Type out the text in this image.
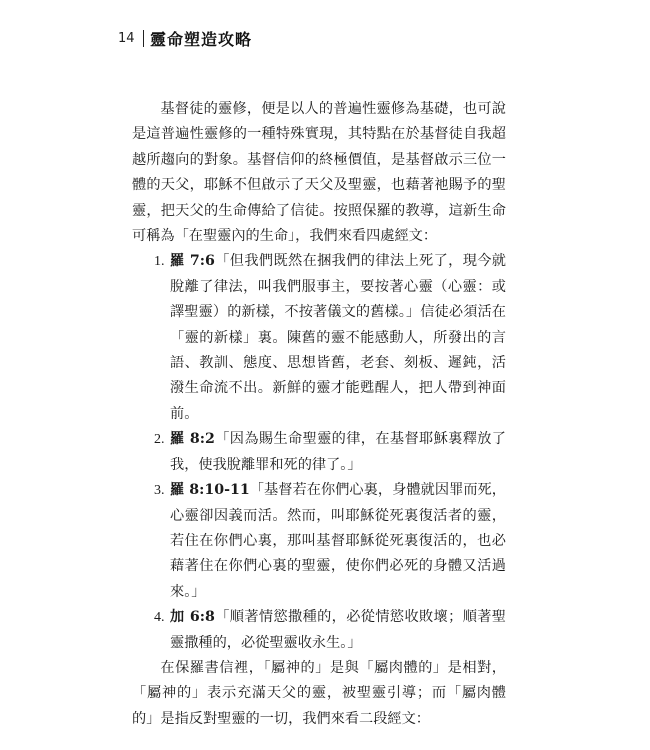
14 靈命塑造攻略

基督徒的靈修，便是以人的普遍性靈修為基礎，也可說是這普遍性靈修的一種特殊實現，其特點在於基督徒自我超越所趨向的對象。基督信仰的終極價值，是基督啟示三位一體的天父，耶穌不但啟示了天父及聖靈，也藉著祂賜予的聖靈，把天父的生命傳給了信徒。按照保羅的教導，這新生命可稱為「在聖靈內的生命」，我們來看四處經文：

1. 羅 7:6「但我們既然在捆我們的律法上死了，現今就脫離了律法，叫我們服事主，要按著心靈（心靈：或譯聖靈）的新樣，不按著儀文的舊樣。」信徒必須活在「靈的新樣」裏。陳舊的靈不能感動人，所發出的言語、教訓、態度、思想皆舊，老套、刻板、遲鈍，活潑生命流不出。新鮮的靈才能甦醒人，把人帶到神面前。
2. 羅 8:2「因為賜生命聖靈的律，在基督耶穌裏釋放了我，使我脫離罪和死的律了。」
3. 羅 8:10-11「基督若在你們心裏，身體就因罪而死，心靈卻因義而活。然而，叫耶穌從死裏復活者的靈，若住在你們心裏，那叫基督耶穌從死裏復活的，也必藉著住在你們心裏的聖靈，使你們必死的身體又活過來。」
4. 加 6:8「順著情慾撒種的，必從情慾收敗壞；順著聖靈撒種的，必從聖靈收永生。」

在保羅書信裡，「屬神的」是與「屬肉體的」是相對，「屬神的」表示充滿天父的靈，被聖靈引導；而「屬肉體的」是指反對聖靈的一切，我們來看二段經文：
